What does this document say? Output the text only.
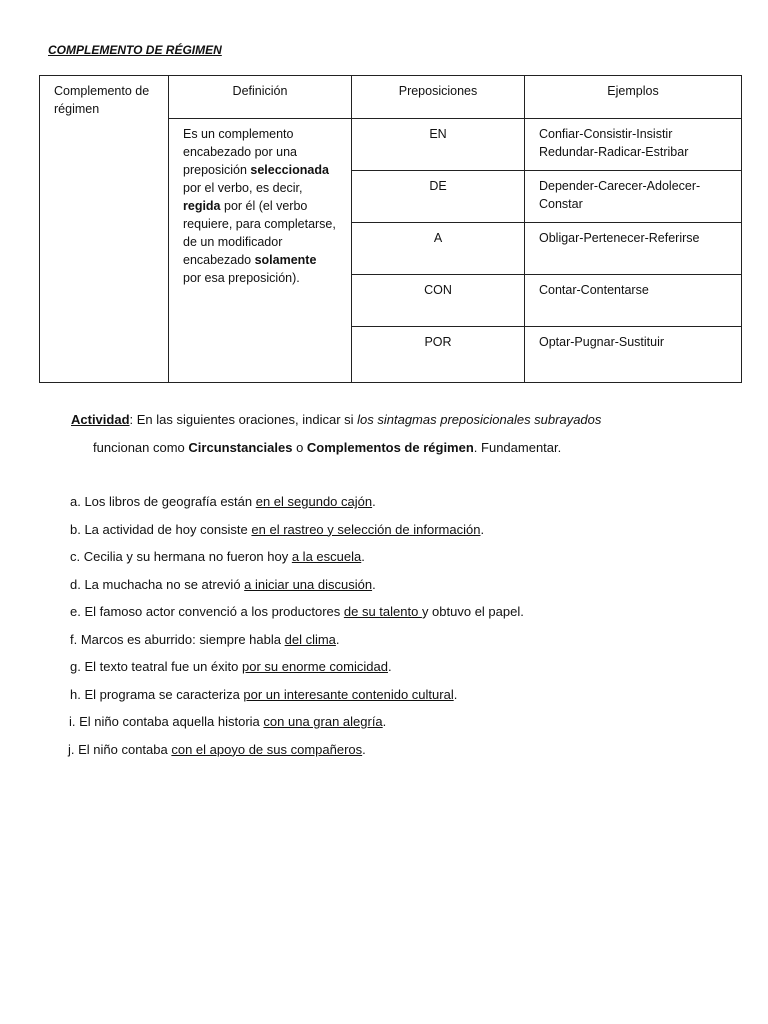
COMPLEMENTO DE RÉGIMEN
Complemento de régimen	Definición	Preposiciones	Ejemplos
	Es un complemento encabezado por una preposición seleccionada por el verbo, es decir, regida por él (el verbo requiere, para completarse, de un modificador encabezado solamente por esa preposición).	EN	Confiar-Consistir-Insistir Redundar-Radicar-Estribar
		DE	Depender-Carecer-Adolecer-Constar
		A	Obligar-Pertenecer-Referirse
		CON	Contar-Contentarse
		POR	Optar-Pugnar-Sustituir
Actividad: En las siguientes oraciones, indicar si los sintagmas preposicionales subrayados
funcionan como Circunstanciales o Complementos de régimen. Fundamentar.
a. Los libros de geografía están en el segundo cajón.
b. La actividad de hoy consiste en el rastreo y selección de información.
c. Cecilia y su hermana no fueron hoy a la escuela.
d. La muchacha no se atrevió a iniciar una discusión.
e. El famoso actor convenció a los productores de su talento y obtuvo el papel.
f. Marcos es aburrido: siempre habla del clima.
g. El texto teatral fue un éxito por su enorme comicidad.
h. El programa se caracteriza por un interesante contenido cultural.
i. El niño contaba aquella historia con una gran alegría.
j. El niño contaba con el apoyo de sus compañeros.
